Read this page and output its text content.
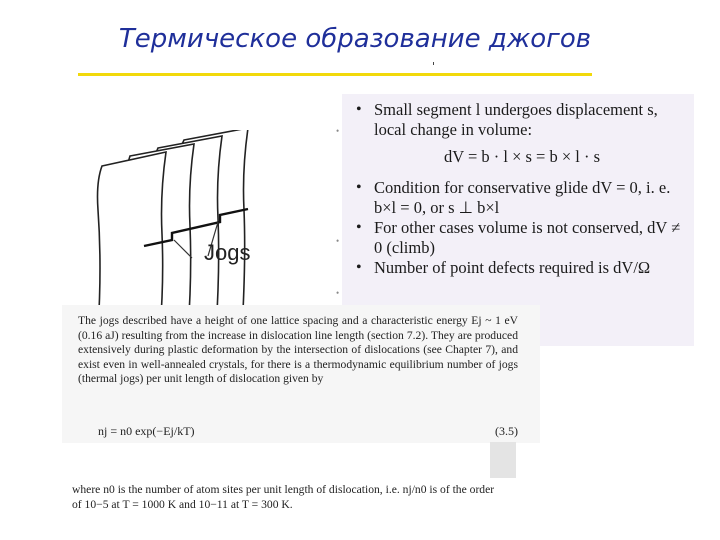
Термическое образование джогов
Jogs
• Small segment l undergoes displacement s, local change in volume:
dV = b · l × s = b × l · s
• Condition for conservative glide dV = 0, i. e. b×l = 0, or s ⊥ b×l
• For other cases volume is not conserved, dV ≠ 0 (climb)
• Number of point defects required is dV/Ω
•
•
•
The jogs described have a height of one lattice spacing and a characteristic energy Ej ~ 1 eV (0.16 aJ) resulting from the increase in dislocation line length (section 7.2). They are produced extensively during plastic deformation by the intersection of dislocations (see Chapter 7), and exist even in well-annealed crystals, for there is a thermodynamic equilibrium number of jogs (thermal jogs) per unit length of dislocation given by
nj = n0 exp(−Ej/kT)	(3.5)
where n0 is the number of atom sites per unit length of dislocation, i.e. nj/n0 is of the order of 10−5 at T = 1000 K and 10−11 at T = 300 K.
